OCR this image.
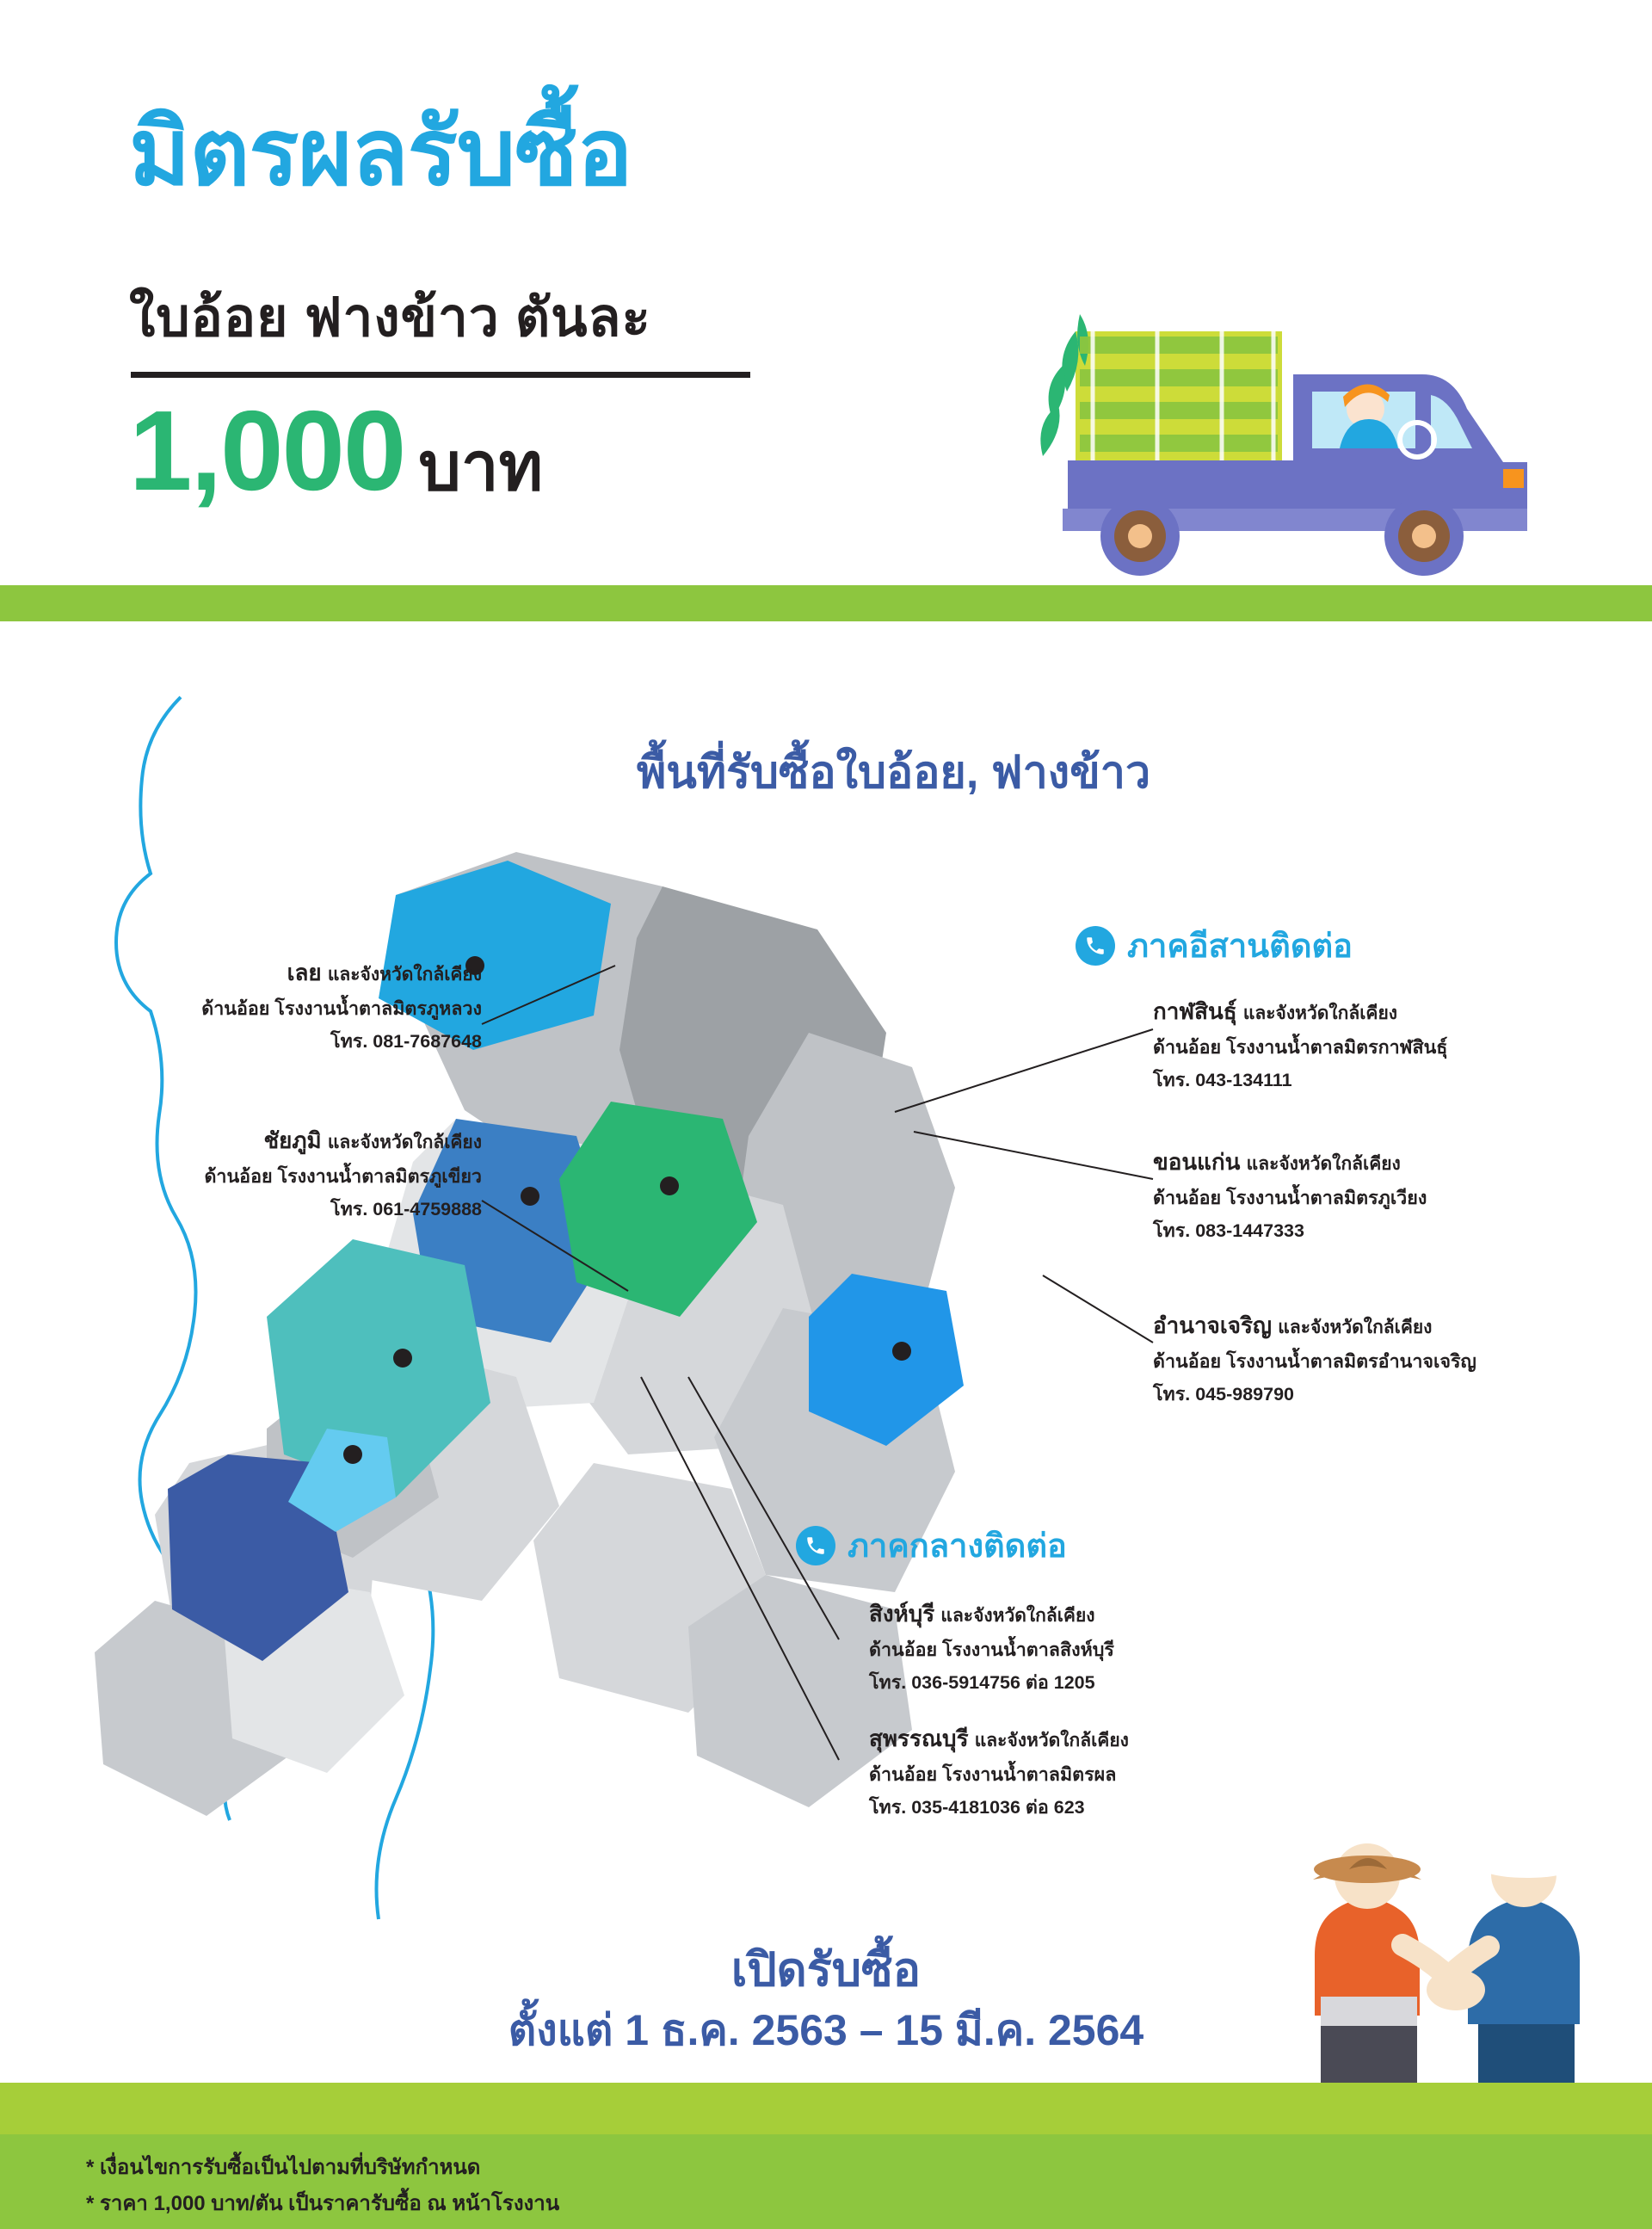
มิตรผลรับซื้อ
ใบอ้อย ฟางข้าว ตันละ
1,000 บาท
พื้นที่รับซื้อใบอ้อย, ฟางข้าว
เลย และจังหวัดใกล้เคียง
ด้านอ้อย โรงงานน้ำตาลมิตรภูหลวง
โทร. 081-7687648
ชัยภูมิ และจังหวัดใกล้เคียง
ด้านอ้อย โรงงานน้ำตาลมิตรภูเขียว
โทร. 061-4759888
ภาคอีสานติดต่อ
กาฬสินธุ์ และจังหวัดใกล้เคียง
ด้านอ้อย โรงงานน้ำตาลมิตรกาฬสินธุ์
โทร. 043-134111
ขอนแก่น และจังหวัดใกล้เคียง
ด้านอ้อย โรงงานน้ำตาลมิตรภูเวียง
โทร. 083-1447333
อำนาจเจริญ และจังหวัดใกล้เคียง
ด้านอ้อย โรงงานน้ำตาลมิตรอำนาจเจริญ
โทร. 045-989790
ภาคกลางติดต่อ
สิงห์บุรี และจังหวัดใกล้เคียง
ด้านอ้อย โรงงานน้ำตาลสิงห์บุรี
โทร. 036-5914756 ต่อ 1205
สุพรรณบุรี และจังหวัดใกล้เคียง
ด้านอ้อย โรงงานน้ำตาลมิตรผล
โทร. 035-4181036 ต่อ 623
เปิดรับซื้อ
ตั้งแต่ 1 ธ.ค. 2563 – 15 มี.ค. 2564
* เงื่อนไขการรับซื้อเป็นไปตามที่บริษัทกำหนด
* ราคา 1,000 บาท/ตัน เป็นราคารับซื้อ ณ หน้าโรงงาน
